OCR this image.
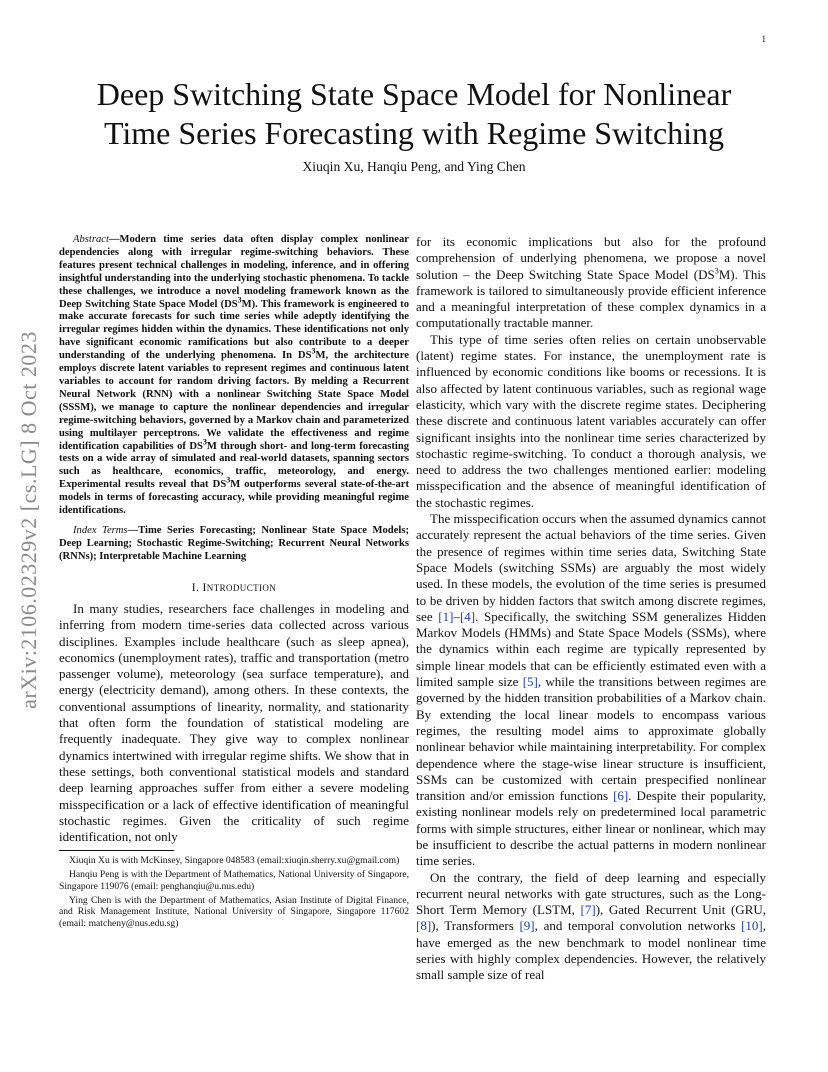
1
arXiv:2106.02329v2 [cs.LG] 8 Oct 2023
Deep Switching State Space Model for Nonlinear
Time Series Forecasting with Regime Switching
Xiuqin Xu, Hanqiu Peng, and Ying Chen

Abstract—Modern time series data often display complex nonlinear dependencies along with irregular regime-switching behaviors. These features present technical challenges in modeling, inference, and in offering insightful understanding into the underlying stochastic phenomena. To tackle these challenges, we introduce a novel modeling framework known as the Deep Switching State Space Model $(DS^3M)$. This framework is engineered to make accurate forecasts for such time series while adeptly identifying the irregular regimes hidden within the dynamics. These identifications not only have significant economic ramifications but also contribute to a deeper understanding of the underlying phenomena. In $DS^3M$, the architecture employs discrete latent variables to represent regimes and continuous latent variables to account for random driving factors. By melding a Recurrent Neural Network (RNN) with a nonlinear Switching State Space Model (SSSM), we manage to capture the nonlinear dependencies and irregular regime-switching behaviors, governed by a Markov chain and parameterized using multilayer perceptrons. We validate the effectiveness and regime identification capabilities of $DS^3M$ through short- and long-term forecasting tests on a wide array of simulated and real-world datasets, spanning sectors such as healthcare, economics, traffic, meteorology, and energy. Experimental results reveal that $DS^3M$ outperforms several state-of-the-art models in terms of forecasting accuracy, while providing meaningful regime identifications.

Index Terms—Time Series Forecasting; Nonlinear State Space Models; Deep Learning; Stochastic Regime-Switching; Recurrent Neural Networks (RNNs); Interpretable Machine Learning

I. INTRODUCTION

In many studies, researchers face challenges in modeling and inferring from modern time-series data collected across various disciplines. Examples include healthcare (such as sleep apnea), economics (unemployment rates), traffic and transportation (metro passenger volume), meteorology (sea surface temperature), and energy (electricity demand), among others. In these contexts, the conventional assumptions of linearity, normality, and stationarity that often form the foundation of statistical modeling are frequently inadequate. They give way to complex nonlinear dynamics intertwined with irregular regime shifts. We show that in these settings, both conventional statistical models and standard deep learning approaches suffer from either a severe modeling misspecification or a lack of effective identification of meaningful stochastic regimes. Given the criticality of such regime identification, not only

Xiuqin Xu is with McKinsey, Singapore 048583 (email:xiuqin.sherry.xu@gmail.com)

Hanqiu Peng is with the Department of Mathematics, National University of Singapore, Singapore 119076 (email: penghanqiu@u.nus.edu)

Ying Chen is with the Department of Mathematics, Asian Institute of Digital Finance, and Risk Management Institute, National University of Singapore, Singapore 117602 (email: matcheny@nus.edu.sg)

for its economic implications but also for the profound comprehension of underlying phenomena, we propose a novel solution – the Deep Switching State Space Model $(DS^3M)$. This framework is tailored to simultaneously provide efficient inference and a meaningful interpretation of these complex dynamics in a computationally tractable manner.

This type of time series often relies on certain unobservable (latent) regime states. For instance, the unemployment rate is influenced by economic conditions like booms or recessions. It is also affected by latent continuous variables, such as regional wage elasticity, which vary with the discrete regime states. Deciphering these discrete and continuous latent variables accurately can offer significant insights into the nonlinear time series characterized by stochastic regime-switching. To conduct a thorough analysis, we need to address the two challenges mentioned earlier: modeling misspecification and the absence of meaningful identification of the stochastic regimes.

The misspecification occurs when the assumed dynamics cannot accurately represent the actual behaviors of the time series. Given the presence of regimes within time series data, Switching State Space Models (switching SSMs) are arguably the most widely used. In these models, the evolution of the time series is presumed to be driven by hidden factors that switch among discrete regimes, see [1]–[4]. Specifically, the switching SSM generalizes Hidden Markov Models (HMMs) and State Space Models (SSMs), where the dynamics within each regime are typically represented by simple linear models that can be efficiently estimated even with a limited sample size [5], while the transitions between regimes are governed by the hidden transition probabilities of a Markov chain. By extending the local linear models to encompass various regimes, the resulting model aims to approximate globally nonlinear behavior while maintaining interpretability. For complex dependence where the stage-wise linear structure is insufficient, SSMs can be customized with certain prespecified nonlinear transition and/or emission functions [6]. Despite their popularity, existing nonlinear models rely on predetermined local parametric forms with simple structures, either linear or nonlinear, which may be insufficient to describe the actual patterns in modern nonlinear time series.

On the contrary, the field of deep learning and especially recurrent neural networks with gate structures, such as the Long-Short Term Memory (LSTM, [7]), Gated Recurrent Unit (GRU, [8]), Transformers [9], and temporal convolution networks [10], have emerged as the new benchmark to model nonlinear time series with highly complex dependencies. However, the relatively small sample size of real
